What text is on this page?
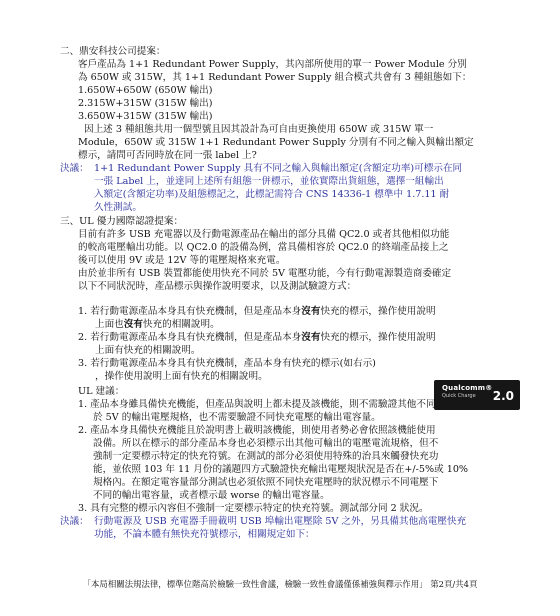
二、鼎安科技公司提案：
客戶產品為 1+1 Redundant Power Supply，其內部所使用的單一 Power Module 分別
為 650W 或 315W，其 1+1 Redundant Power Supply 組合模式共會有 3 種組態如下：
1.650W+650W (650W 輸出)
2.315W+315W (315W 輸出)
3.650W+315W (315W 輸出)
因上述 3 種組態共用一個型號且因其設計為可自由更換使用 650W 或 315W 單一
Module，650W 或 315W 1+1 Redundant Power Supply 分別有不同之輸入與輸出額定
標示，請問可否同時放在同一張 label 上?
決議： 1+1 Redundant Power Supply 具有不同之輸入與輸出額定(含額定功率)可標示在同
一張 Label 上，並達同上述所有組態一併標示，並依實際出貨組態，選擇一組輸出
入額定(含額定功率)及組態標記之，此標記需符合 CNS 14336-1 標準中 1.7.11 耐
久性測試。
三、UL 優力國際認證提案：
目前有許多 USB 充電器以及行動電源產品在輸出的部分具備 QC2.0 或者其他相似功能
的較高電壓輸出功能。以 QC2.0 的設備為例，當具備相容於 QC2.0 的終端產品接上之
後可以使用 9V 或是 12V 等的電壓規格來充電。
由於並非所有 USB 裝置都能使用快充不同於 5V 電壓功能，今有行動電源製造商委確定
以下不同狀況時，產品標示與操作說明要求，以及測試驗證方式：
1. 若行動電源產品本身具有快充機制，但是產品本身沒有快充的標示，操作使用說明
上面也沒有快充的相關說明。
2. 若行動電源產品本身具有快充機制，但是產品本身沒有快充的標示，操作使用說明
上面有快充的相關說明。
3. 若行動電源產品本身具有快充機制，產品本身有快充的標示(如右示)
，操作使用說明上面有快充的相關說明。
Qualcomm®
Quick Charge 2.0
UL 建議：
1. 產品本身雖具備快充機能，但產品與說明上都未提及該機能，則不需驗證其他不同
於 5V 的輸出電壓規格，也不需要驗證不同快充電壓的輸出電容量。
2. 產品本身具備快充機能且於說明書上載明該機能，則使用者勢必會依照該機能使用
設備。所以在標示的部分產品本身也必須標示出其他可輸出的電壓電流規格，但不
強制一定要標示特定的快充符號。在測試的部分必須使用特殊的治具來觸發快充功
能，並依照 103 年 11 月份的議題四方式驗證快充輸出電壓規狀況是否在+/-5%或 10%
規格內。在額定電容量部分測試也必須依照不同快充電壓時的狀況標示不同電壓下
不同的輸出電容量，或者標示最 worse 的輸出電容量。
3. 具有完整的標示內容但不強制一定要標示特定的快充符號。測試部分同 2 狀況。
決議： 行動電源及 USB 充電器手冊載明 USB 埠輸出電壓除 5V 之外，另具備其他高電壓快充
功能，不論本體有無快充符號標示，相關規定如下：
「本局相關法規法律，標準位階高於檢驗一致性會議，檢驗一致性會議僅係補強與釋示作用」 第2頁/共4頁
